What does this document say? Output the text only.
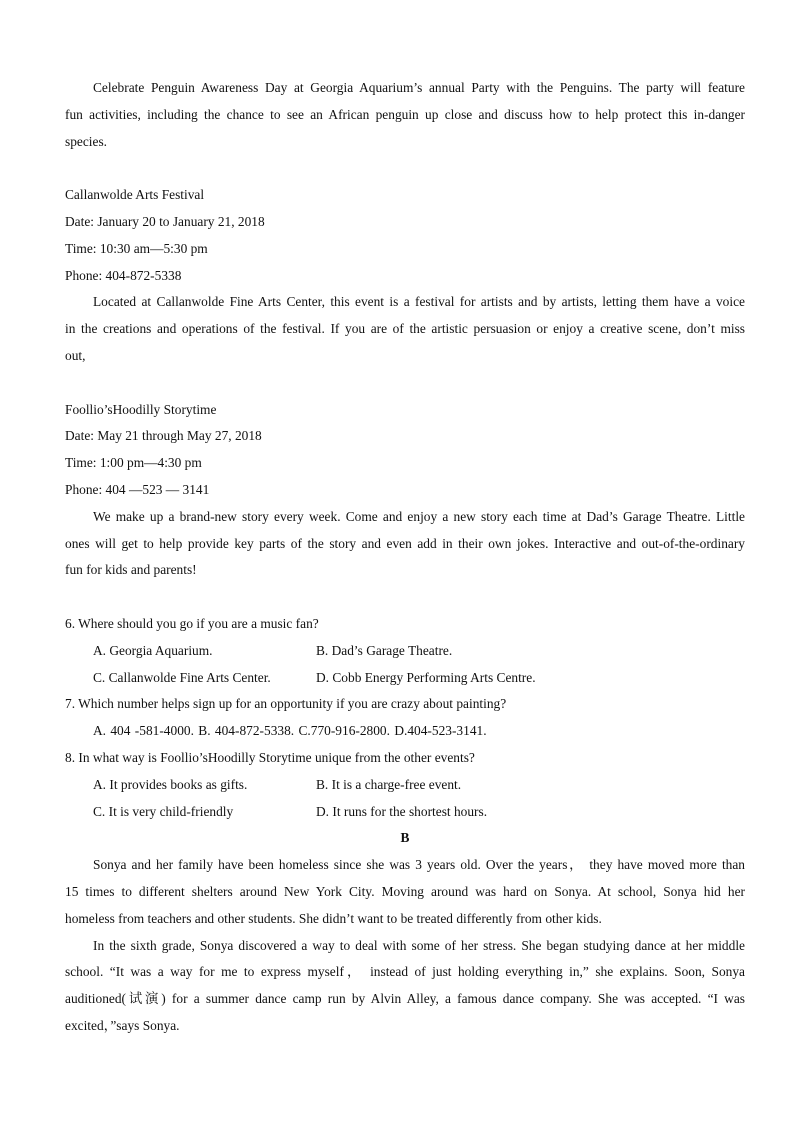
Celebrate Penguin Awareness Day at Georgia Aquarium’s annual Party with the Penguins. The party will feature

fun activities, including the chance to see an African penguin up close and discuss how to help protect this in-danger

species.

Callanwolde Arts Festival

Date: January 20 to January 21, 2018

Time: 10:30 am—5:30 pm

Phone: 404-872-5338

Located at Callanwolde Fine Arts Center, this event is a festival for artists and by artists, letting them have a voice

in the creations and operations of the festival. If you are of the artistic persuasion or enjoy a creative scene, don’t miss

out,

Foollio’sHoodilly Storytime

Date: May 21 through May 27, 2018

Time: 1:00 pm—4:30 pm

Phone: 404 —523 — 3141

We make up a brand-new story every week. Come and enjoy a new story each time at Dad’s Garage Theatre. Little

ones will get to help provide key parts of the story and even add in their own jokes. Interactive and out-of-the-ordinary

fun for kids and parents!

6. Where should you go if you are a music fan?

A. Georgia Aquarium.	B. Dad’s Garage Theatre.
C. Callanwolde Fine Arts Center.	D. Cobb Energy Performing Arts Centre.

7. Which number helps sign up for an opportunity if you are crazy about painting?

A. 404 -581-4000. B. 404-872-5338. C.770-916-2800. D.404-523-3141.

8. In what way is Foollio’sHoodilly Storytime unique from the other events?

A. It provides books as gifts.	B. It is a charge-free event.
C. It is very child-friendly	D. It runs for the shortest hours.

B

Sonya and her family have been homeless since she was 3 years old. Over the years， they have moved more than

15 times to different shelters around New York City. Moving around was hard on Sonya. At school, Sonya hid her

homeless from teachers and other students. She didn’t want to be treated differently from other kids.

In the sixth grade, Sonya discovered a way to deal with some of her stress. She began studying dance at her middle

school. “It was a way for me to express myself， instead of just holding everything in,” she explains. Soon, Sonya

auditioned(试演) for a summer dance camp run by Alvin Alley, a famous dance company. She was accepted. “I was

excited，”says Sonya.
